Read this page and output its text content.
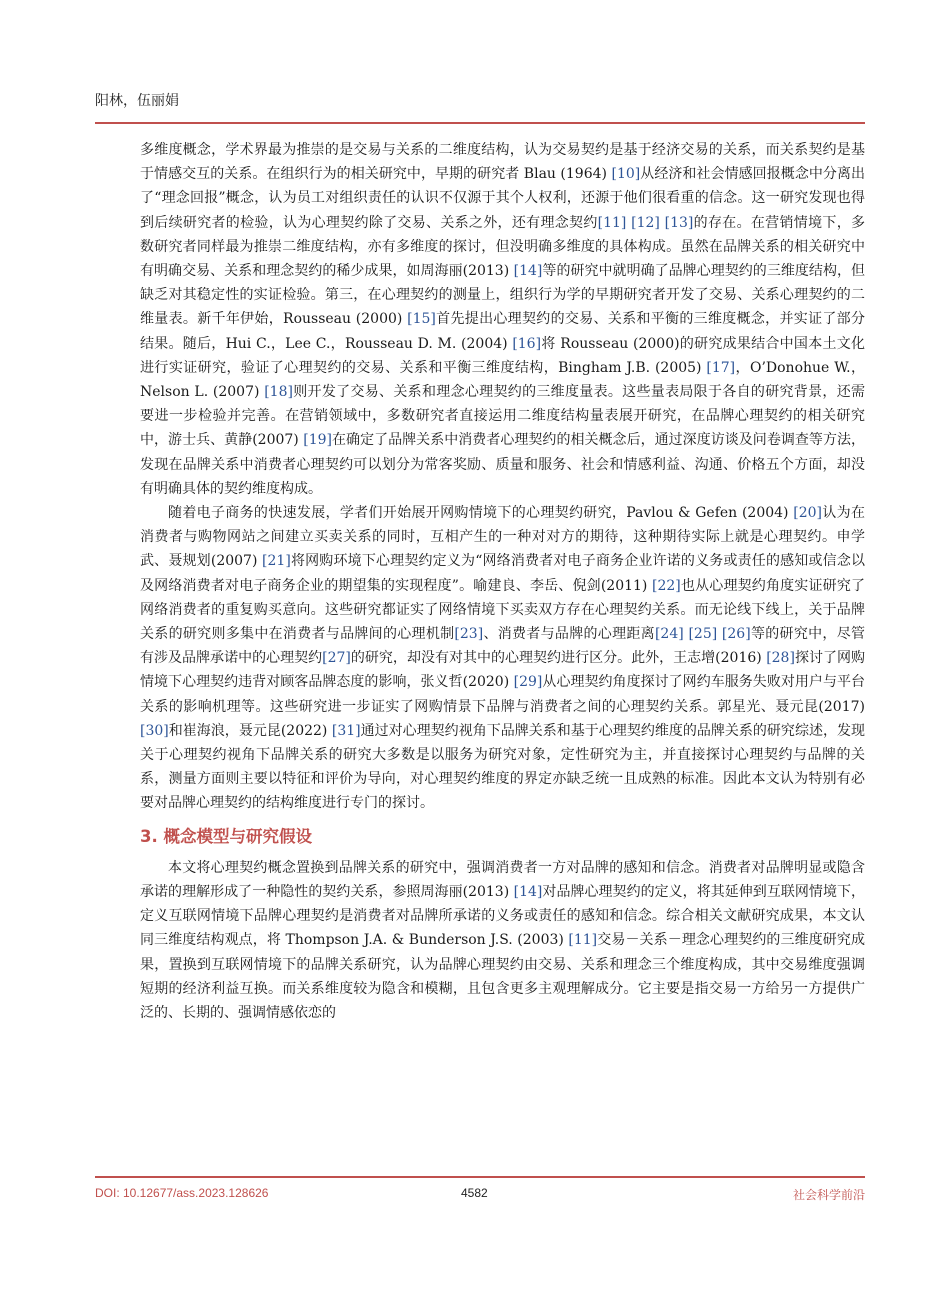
阳林，伍丽娟

多维度概念，学术界最为推崇的是交易与关系的二维度结构，认为交易契约是基于经济交易的关系，而关系契约是基于情感交互的关系。在组织行为的相关研究中，早期的研究者 Blau (1964) [10]从经济和社会情感回报概念中分离出了“理念回报”概念，认为员工对组织责任的认识不仅源于其个人权利，还源于他们很看重的信念。这一研究发现也得到后续研究者的检验，认为心理契约除了交易、关系之外，还有理念契约[11] [12] [13]的存在。在营销情境下，多数研究者同样最为推崇二维度结构，亦有多维度的探讨，但没明确多维度的具体构成。虽然在品牌关系的相关研究中有明确交易、关系和理念契约的稀少成果，如周海丽(2013) [14]等的研究中就明确了品牌心理契约的三维度结构，但缺乏对其稳定性的实证检验。第三，在心理契约的测量上，组织行为学的早期研究者开发了交易、关系心理契约的二维量表。新千年伊始，Rousseau (2000) [15]首先提出心理契约的交易、关系和平衡的三维度概念，并实证了部分结果。随后，Hui C.，Lee C.，Rousseau D. M. (2004) [16]将 Rousseau (2000)的研究成果结合中国本土文化进行实证研究，验证了心理契约的交易、关系和平衡三维度结构，Bingham J.B. (2005) [17]，O’Donohue W.，Nelson L. (2007) [18]则开发了交易、关系和理念心理契约的三维度量表。这些量表局限于各自的研究背景，还需要进一步检验并完善。在营销领域中，多数研究者直接运用二维度结构量表展开研究，在品牌心理契约的相关研究中，游士兵、黄静(2007) [19]在确定了品牌关系中消费者心理契约的相关概念后，通过深度访谈及问卷调查等方法，发现在品牌关系中消费者心理契约可以划分为常客奖励、质量和服务、社会和情感利益、沟通、价格五个方面，却没有明确具体的契约维度构成。

随着电子商务的快速发展，学者们开始展开网购情境下的心理契约研究，Pavlou & Gefen (2004) [20]认为在消费者与购物网站之间建立买卖关系的同时，互相产生的一种对对方的期待，这种期待实际上就是心理契约。申学武、聂规划(2007) [21]将网购环境下心理契约定义为“网络消费者对电子商务企业许诺的义务或责任的感知或信念以及网络消费者对电子商务企业的期望集的实现程度”。喻建良、李岳、倪剑(2011) [22]也从心理契约角度实证研究了网络消费者的重复购买意向。这些研究都证实了网络情境下买卖双方存在心理契约关系。而无论线下线上，关于品牌关系的研究则多集中在消费者与品牌间的心理机制[23]、消费者与品牌的心理距离[24] [25] [26]等的研究中，尽管有涉及品牌承诺中的心理契约[27]的研究，却没有对其中的心理契约进行区分。此外，王志增(2016) [28]探讨了网购情境下心理契约违背对顾客品牌态度的影响，张义哲(2020) [29]从心理契约角度探讨了网约车服务失败对用户与平台关系的影响机理等。这些研究进一步证实了网购情景下品牌与消费者之间的心理契约关系。郭星光、聂元昆(2017) [30]和崔海浪，聂元昆(2022) [31]通过对心理契约视角下品牌关系和基于心理契约维度的品牌关系的研究综述，发现关于心理契约视角下品牌关系的研究大多数是以服务为研究对象，定性研究为主，并直接探讨心理契约与品牌的关系，测量方面则主要以特征和评价为导向，对心理契约维度的界定亦缺乏统一且成熟的标准。因此本文认为特别有必要对品牌心理契约的结构维度进行专门的探讨。

3. 概念模型与研究假设

本文将心理契约概念置换到品牌关系的研究中，强调消费者一方对品牌的感知和信念。消费者对品牌明显或隐含承诺的理解形成了一种隐性的契约关系，参照周海丽(2013) [14]对品牌心理契约的定义，将其延伸到互联网情境下，定义互联网情境下品牌心理契约是消费者对品牌所承诺的义务或责任的感知和信念。综合相关文献研究成果，本文认同三维度结构观点，将 Thompson J.A. & Bunderson J.S. (2003) [11]交易－关系－理念心理契约的三维度研究成果，置换到互联网情境下的品牌关系研究，认为品牌心理契约由交易、关系和理念三个维度构成，其中交易维度强调短期的经济利益互换。而关系维度较为隐含和模糊，且包含更多主观理解成分。它主要是指交易一方给另一方提供广泛的、长期的、强调情感依恋的

DOI: 10.12677/ass.2023.128626	4582	社会科学前沿
